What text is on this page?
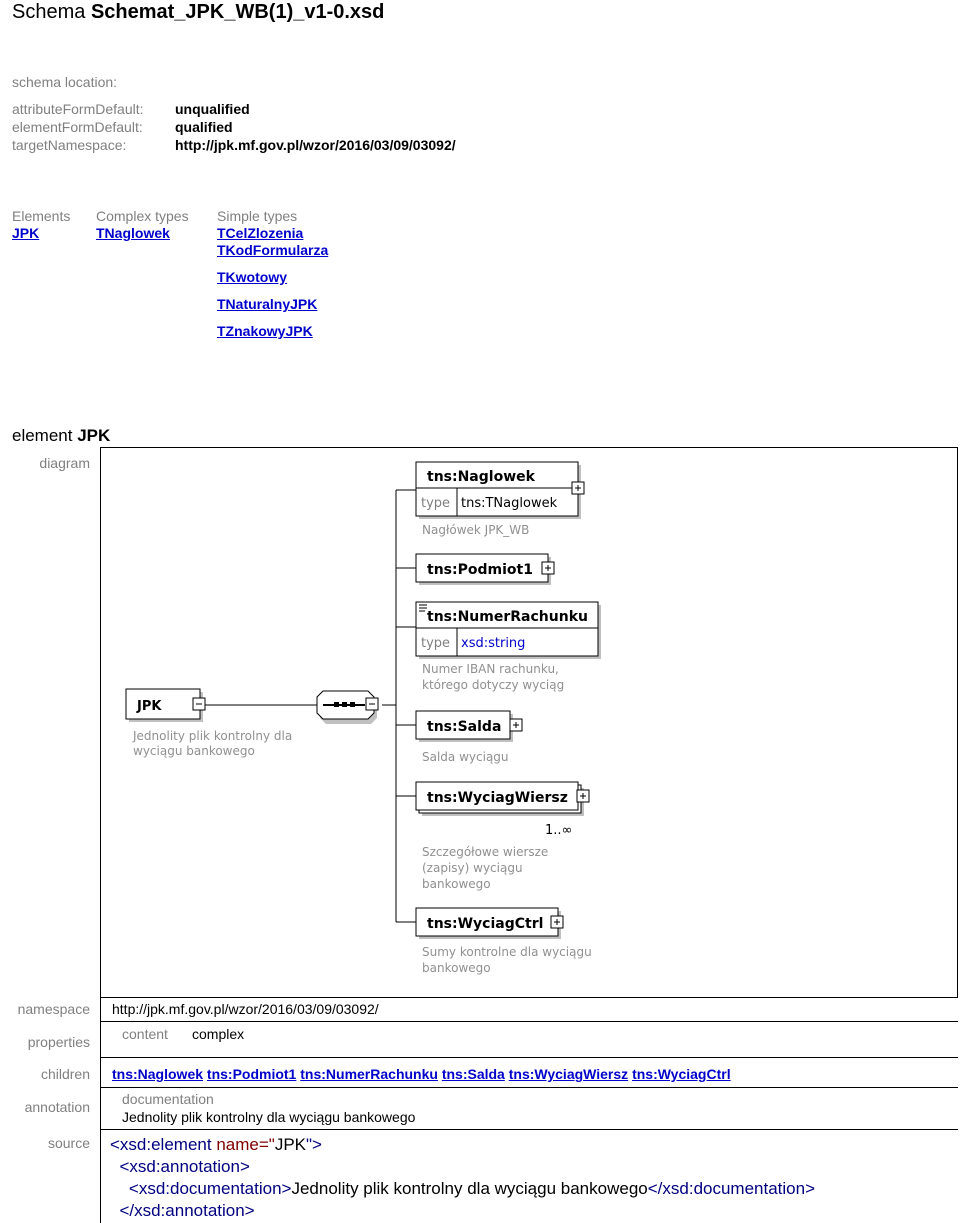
Schema Schemat_JPK_WB(1)_v1-0.xsd
schema location:
attributeFormDefault: unqualified
elementFormDefault: qualified
targetNamespace:	http://jpk.mf.gov.pl/wzor/2016/03/09/03092/
Elements
JPK
Complex types
TNaglowek
Simple types
TCelZlozenia
TKodFormularza
TKwotowy
TNaturalnyJPK
TZnakowyJPK
element JPK
diagram
JPK
Jednolity plik kontrolny dla
wyciągu bankowego
tns:Naglowek
type tns:TNaglowek
Nagłówek JPK_WB
tns:Podmiot1
tns:NumerRachunku
type xsd:string
Numer IBAN rachunku,
którego dotyczy wyciąg
tns:Salda
Salda wyciągu
tns:WyciagWiersz
1..∞
Szczegółowe wiersze
(zapisy) wyciągu
bankowego
tns:WyciagCtrl
Sumy kontrolne dla wyciągu
bankowego
namespace http://jpk.mf.gov.pl/wzor/2016/03/09/03092/
properties content complex
children tns:Naglowek tns:Podmiot1 tns:NumerRachunku tns:Salda tns:WyciagWiersz tns:WyciagCtrl
annotation documentation
Jednolity plik kontrolny dla wyciągu bankowego
source <xsd:element name="JPK">
<xsd:annotation>
<xsd:documentation>Jednolity plik kontrolny dla wyciągu bankowego</xsd:documentation>
</xsd:annotation>
